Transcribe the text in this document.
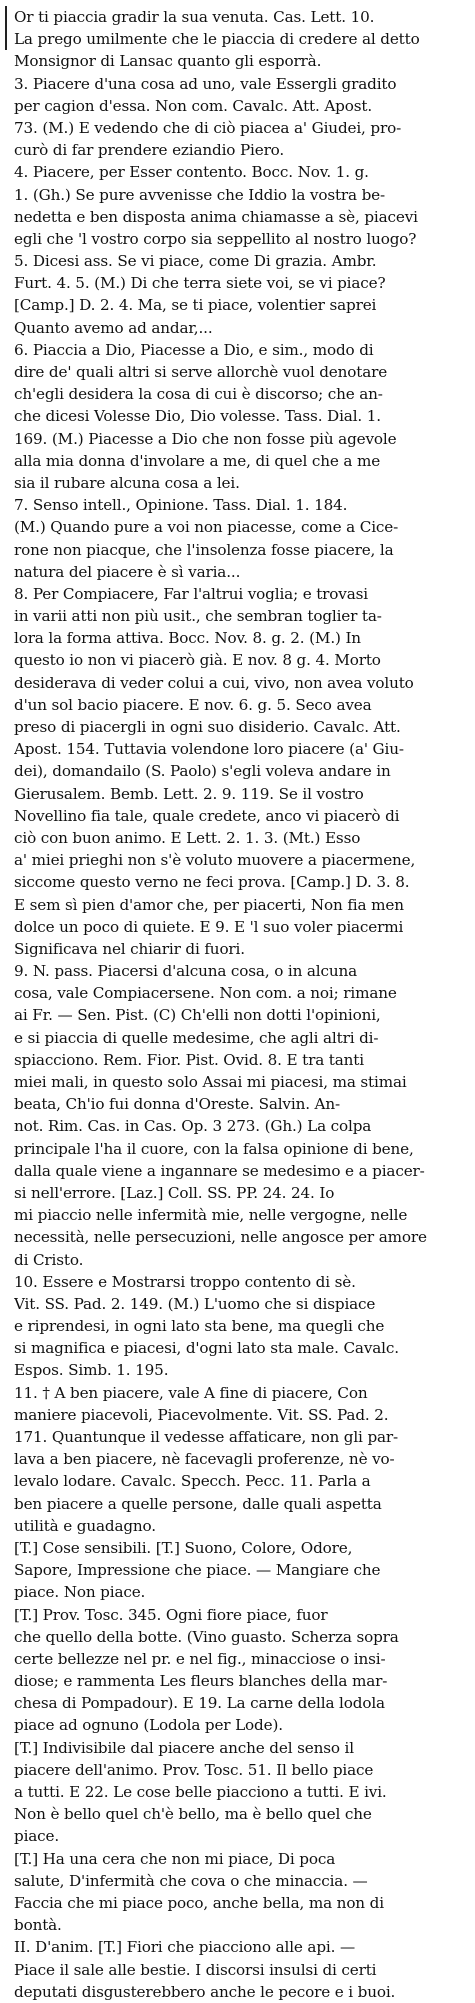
Or ti piaccia gradir la sua venuta. Cas. Lett. 10.
La prego umilmente che le piaccia di credere al detto
Monsignor di Lansac quanto gli esporrà.
3. Piacere d'una cosa ad uno, vale Essergli gradito
per cagion d'essa. Non com. Cavalc. Att. Apost.
73. (M.) E vedendo che di ciò piacea a' Giudei, pro-
curò di far prendere eziandio Piero.
4. Piacere, per Esser contento. Bocc. Nov. 1. g.
1. (Gh.) Se pure avvenisse che Iddio la vostra be-
nedetta e ben disposta anima chiamasse a sè, piacevi
egli che 'l vostro corpo sia seppellito al nostro luogo?
5. Dicesi ass. Se vi piace, come Di grazia. Ambr.
Furt. 4. 5. (M.) Di che terra siete voi, se vi piace?
[Camp.] D. 2. 4. Ma, se ti piace, volentier saprei
Quanto avemo ad andar,...
6. Piaccia a Dio, Piacesse a Dio, e sim., modo di
dire de' quali altri si serve allorchè vuol denotare
ch'egli desidera la cosa di cui è discorso; che an-
che dicesi Volesse Dio, Dio volesse. Tass. Dial. 1.
169. (M.) Piacesse a Dio che non fosse più agevole
alla mia donna d'involare a me, di quel che a me
sia il rubare alcuna cosa a lei.
7. Senso intell., Opinione. Tass. Dial. 1. 184.
(M.) Quando pure a voi non piacesse, come a Cice-
rone non piacque, che l'insolenza fosse piacere, la
natura del piacere è sì varia...
8. Per Compiacere, Far l'altrui voglia; e trovasi
in varii atti non più usit., che sembran toglier ta-
lora la forma attiva. Bocc. Nov. 8. g. 2. (M.) In
questo io non vi piacerò già. E nov. 8 g. 4. Morto
desiderava di veder colui a cui, vivo, non avea voluto
d'un sol bacio piacere. E nov. 6. g. 5. Seco avea
preso di piacergli in ogni suo disiderio. Cavalc. Att.
Apost. 154. Tuttavia volendone loro piacere (a' Giu-
dei), domandailo (S. Paolo) s'egli voleva andare in
Gierusalem. Bemb. Lett. 2. 9. 119. Se il vostro
Novellino fia tale, quale credete, anco vi piacerò di
ciò con buon animo. E Lett. 2. 1. 3. (Mt.) Esso
a' miei prieghi non s'è voluto muovere a piacermene,
siccome questo verno ne feci prova. [Camp.] D. 3. 8.
E sem sì pien d'amor che, per piacerti, Non fia men
dolce un poco di quiete. E 9. E 'l suo voler piacermi
Significava nel chiarir di fuori.
9. N. pass. Piacersi d'alcuna cosa, o in alcuna
cosa, vale Compiacersene. Non com. a noi; rimane
ai Fr. — Sen. Pist. (C) Ch'elli non dotti l'opinioni,
e si piaccia di quelle medesime, che agli altri di-
spiacciono. Rem. Fior. Pist. Ovid. 8. E tra tanti
miei mali, in questo solo Assai mi piacesi, ma stimai
beata, Ch'io fui donna d'Oreste. Salvin. An-
not. Rim. Cas. in Cas. Op. 3 273. (Gh.) La colpa
principale l'ha il cuore, con la falsa opinione di bene,
dalla quale viene a ingannare se medesimo e a piacer-
si nell'errore. [Laz.] Coll. SS. PP. 24. 24. Io
mi piaccio nelle infermità mie, nelle vergogne, nelle
necessità, nelle persecuzioni, nelle angosce per amore
di Cristo.
10. Essere e Mostrarsi troppo contento di sè.
Vit. SS. Pad. 2. 149. (M.) L'uomo che si dispiace
e riprendesi, in ogni lato sta bene, ma quegli che
si magnifica e piacesi, d'ogni lato sta male. Cavalc.
Espos. Simb. 1. 195.
11. † A ben piacere, vale A fine di piacere, Con
maniere piacevoli, Piacevolmente. Vit. SS. Pad. 2.
171. Quantunque il vedesse affaticare, non gli par-
lava a ben piacere, nè facevagli proferenze, nè vo-
levalo lodare. Cavalc. Specch. Pecc. 11. Parla a
ben piacere a quelle persone, dalle quali aspetta
utilità e guadagno.
[T.] Cose sensibili. [T.] Suono, Colore, Odore,
Sapore, Impressione che piace. — Mangiare che
piace. Non piace.
[T.] Prov. Tosc. 345. Ogni fiore piace, fuor
che quello della botte. (Vino guasto. Scherza sopra
certe bellezze nel pr. e nel fig., minacciose o insi-
diose; e rammenta Les fleurs blanches della mar-
chesa di Pompadour). E 19. La carne della lodola
piace ad ognuno (Lodola per Lode).
[T.] Indivisibile dal piacere anche del senso il
piacere dell'animo. Prov. Tosc. 51. Il bello piace
a tutti. E 22. Le cose belle piacciono a tutti. E ivi.
Non è bello quel ch'è bello, ma è bello quel che
piace.
[T.] Ha una cera che non mi piace, Di poca
salute, D'infermità che cova o che minaccia. —
Faccia che mi piace poco, anche bella, ma non di
bontà.
II. D'anim. [T.] Fiori che piacciono alle api. —
Piace il sale alle bestie. I discorsi insulsi di certi
deputati disgusterebbero anche le pecore e i buoi.
